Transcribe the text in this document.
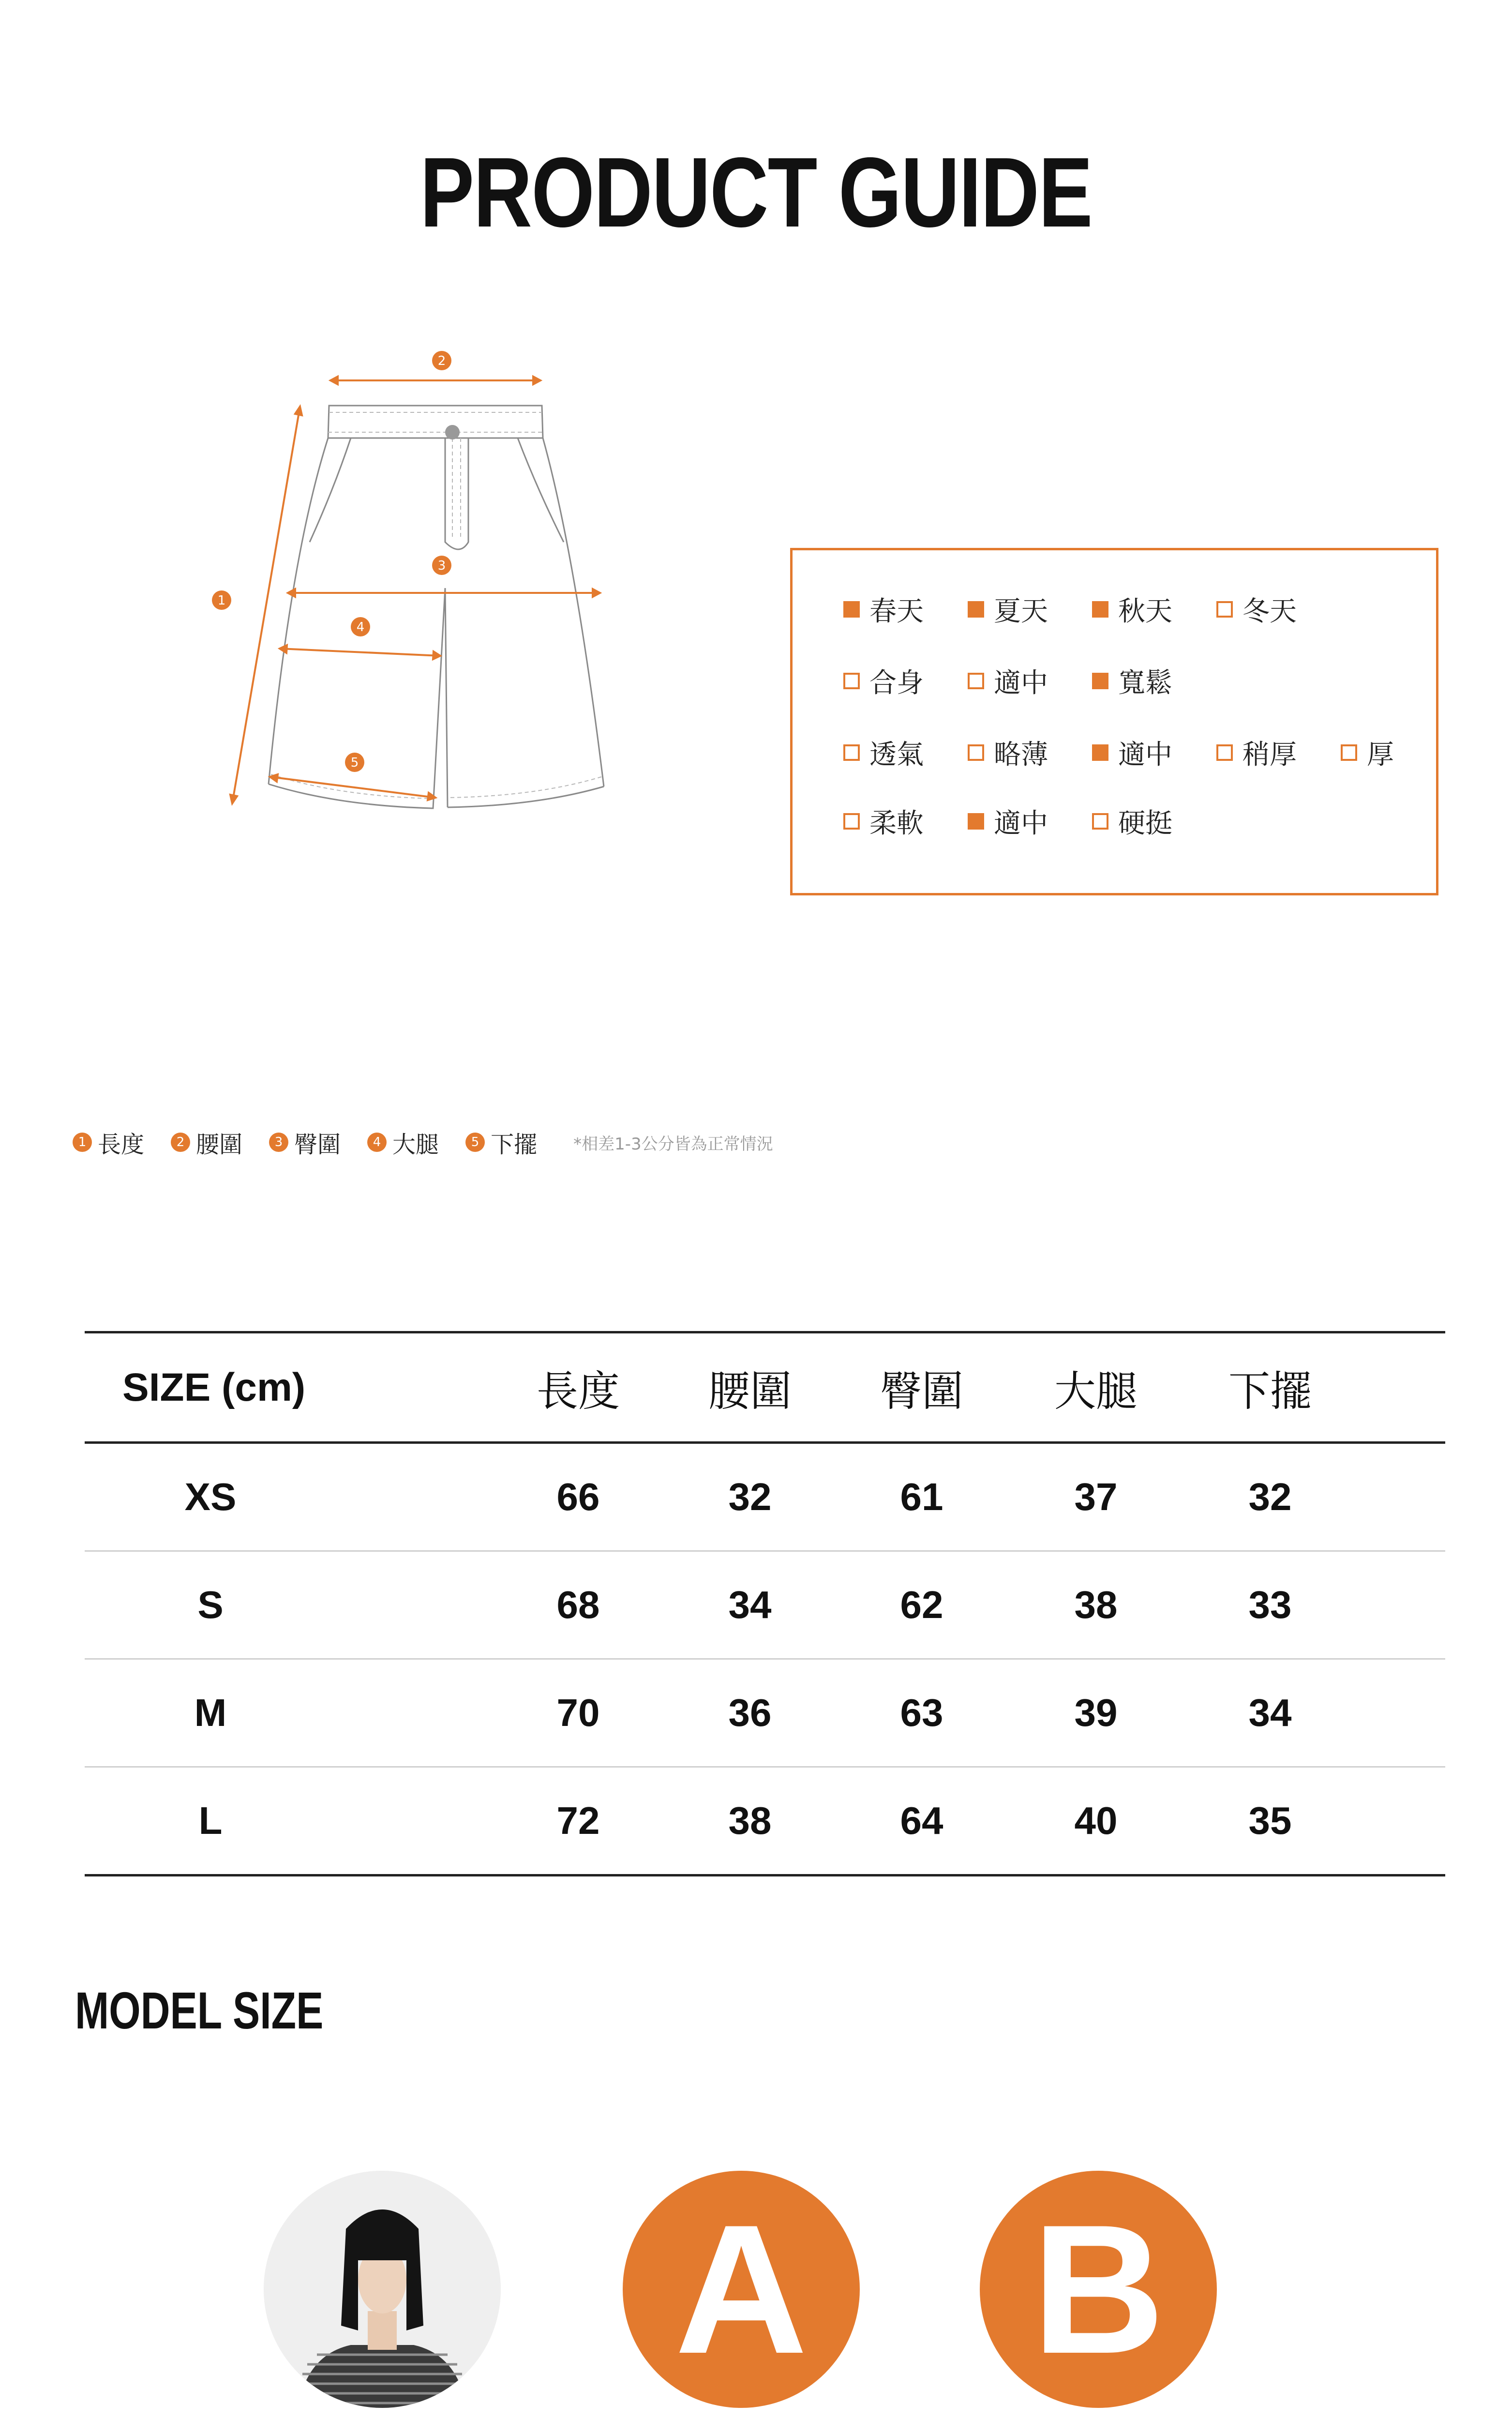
PRODUCT GUIDE
2
1
3
4
5
春天	夏天	秋天	冬天
合身	適中	寬鬆
透氣	略薄	適中	稍厚	厚
柔軟	適中	硬挺
1 長度	2 腰圍	3 臀圍	4 大腿	5 下擺 *相差1-3公分皆為正常情況
SIZE (cm)	長度	腰圍	臀圍	大腿	下擺
XS	66	32	61	37	32
S	68	34	62	38	33
M	70	36	63	39	34
L	72	38	64	40	35
MODEL SIZE
A B
